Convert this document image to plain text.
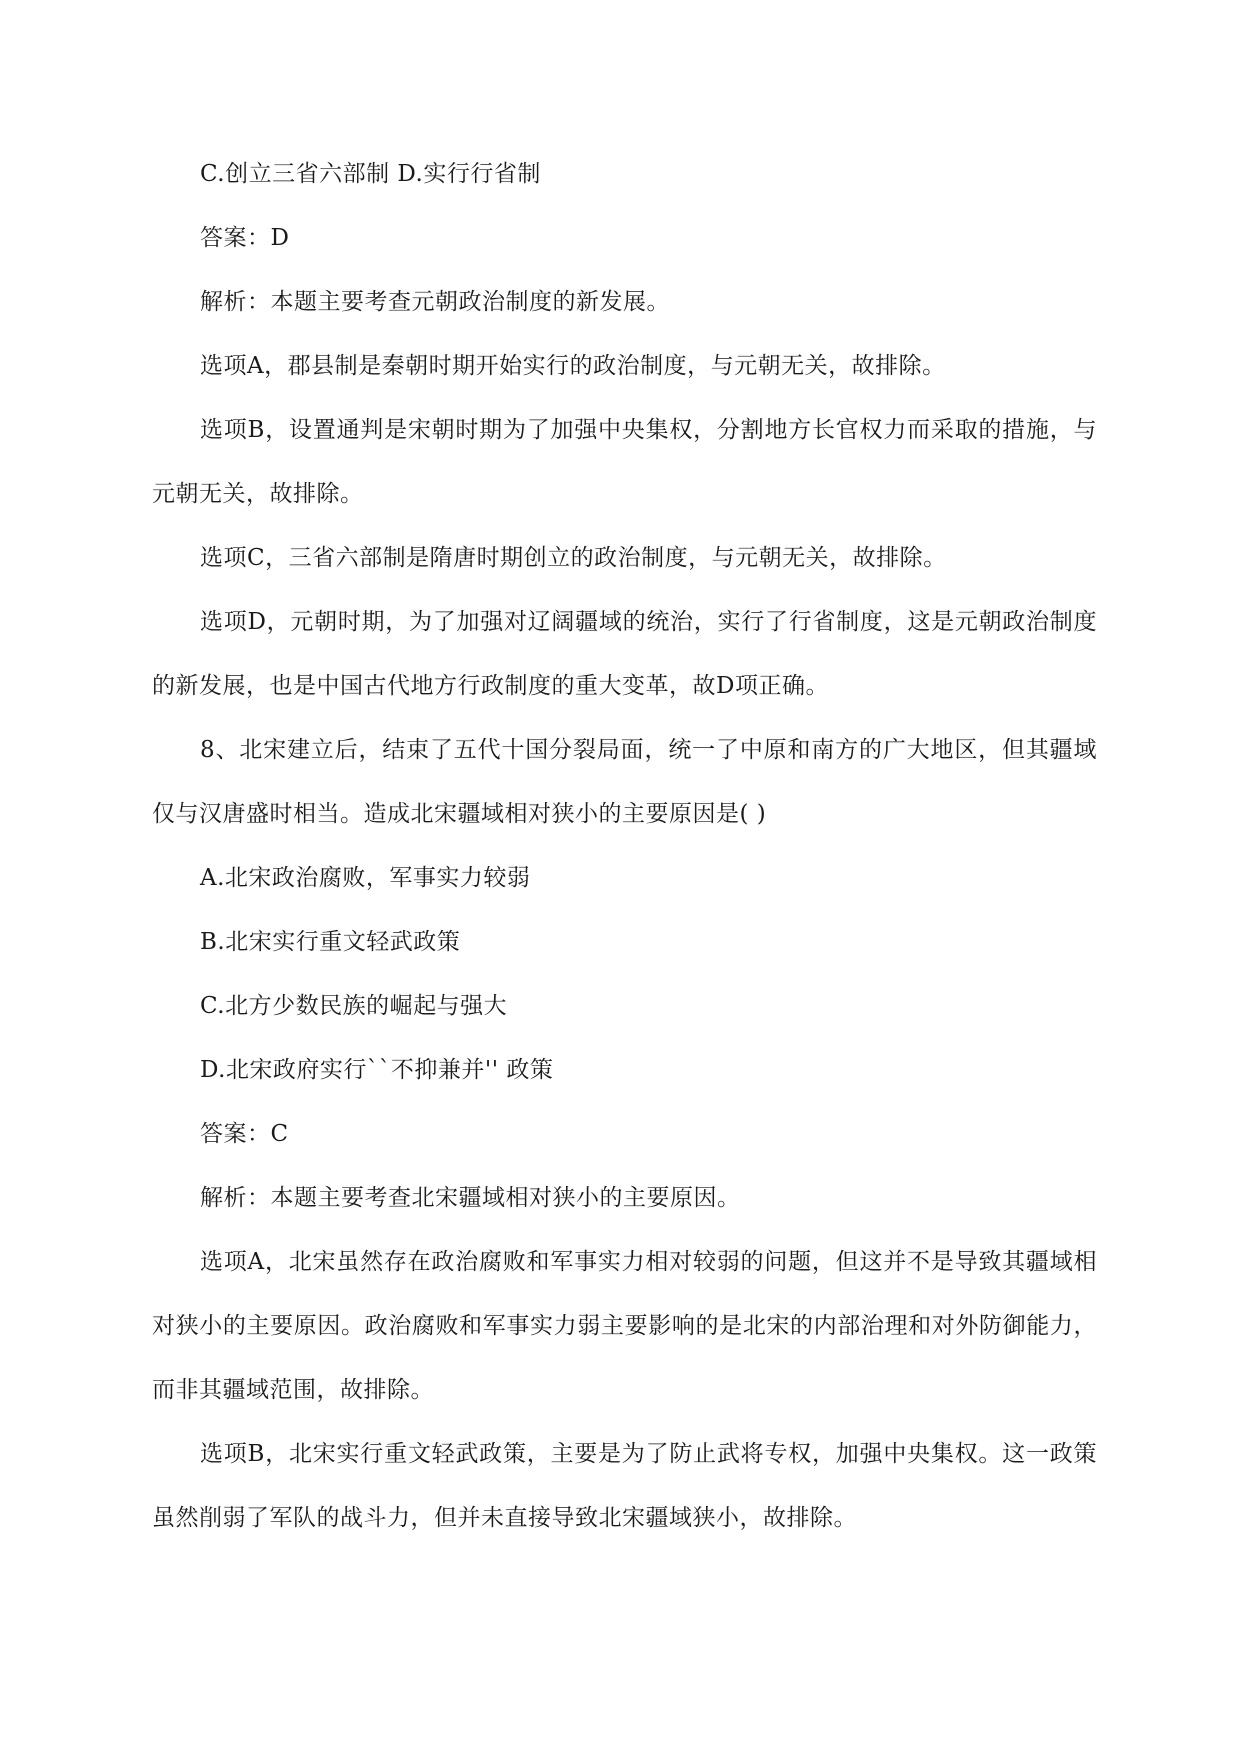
C.创立三省六部制 D.实行行省制

答案：D

解析：本题主要考查元朝政治制度的新发展。

选项A，郡县制是秦朝时期开始实行的政治制度，与元朝无关，故排除。

选项B，设置通判是宋朝时期为了加强中央集权，分割地方长官权力而采取的措施，与元朝无关，故排除。

选项C，三省六部制是隋唐时期创立的政治制度，与元朝无关，故排除。

选项D，元朝时期，为了加强对辽阔疆域的统治，实行了行省制度，这是元朝政治制度的新发展，也是中国古代地方行政制度的重大变革，故D项正确。

8、北宋建立后，结束了五代十国分裂局面，统一了中原和南方的广大地区，但其疆域仅与汉唐盛时相当。造成北宋疆域相对狭小的主要原因是( )

A.北宋政治腐败，军事实力较弱

B.北宋实行重文轻武政策

C.北方少数民族的崛起与强大

D.北宋政府实行``不抑兼并'' 政策

答案：C

解析：本题主要考查北宋疆域相对狭小的主要原因。

选项A，北宋虽然存在政治腐败和军事实力相对较弱的问题，但这并不是导致其疆域相对狭小的主要原因。政治腐败和军事实力弱主要影响的是北宋的内部治理和对外防御能力，而非其疆域范围，故排除。

选项B，北宋实行重文轻武政策，主要是为了防止武将专权，加强中央集权。这一政策虽然削弱了军队的战斗力，但并未直接导致北宋疆域狭小，故排除。
